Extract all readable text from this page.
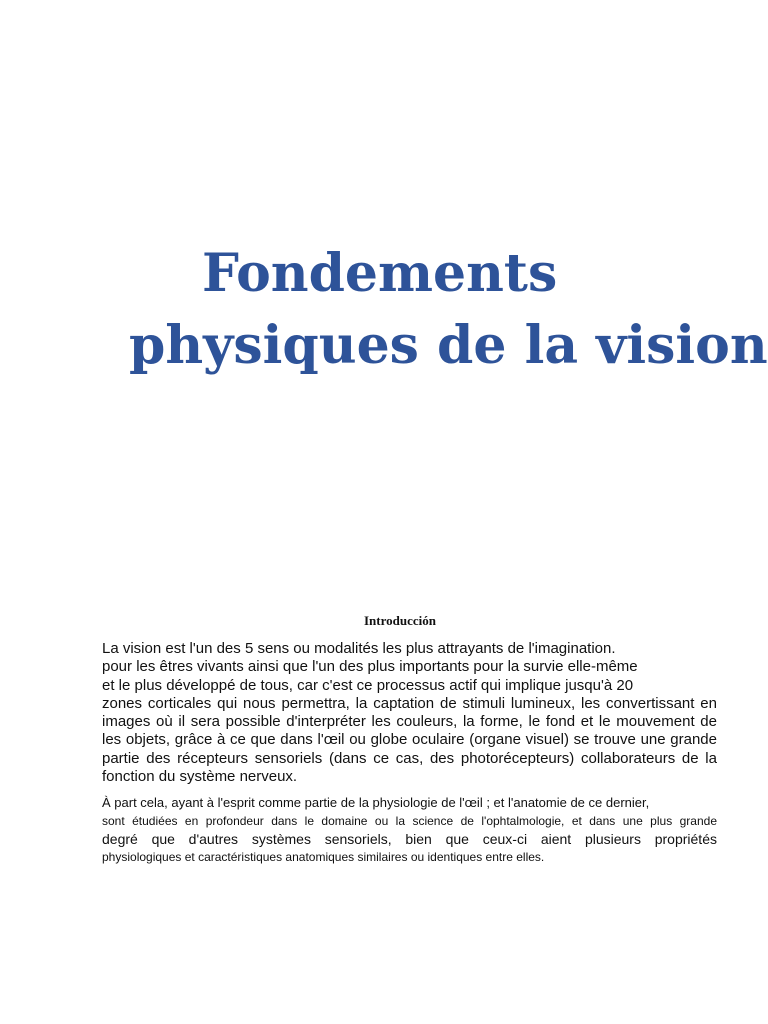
Fondements
physiques de la vision
Introducción

La vision est l'un des 5 sens ou modalités les plus attrayants de l'imagination.
pour les êtres vivants ainsi que l'un des plus importants pour la survie elle-même
et le plus développé de tous, car c'est ce processus actif qui implique jusqu'à 20
zones corticales qui nous permettra, la captation de stimuli lumineux, les convertissant en
images où il sera possible d'interpréter les couleurs, la forme, le fond et le mouvement de
les objets, grâce à ce que dans l'œil ou globe oculaire (organe visuel) se trouve une grande
partie des récepteurs sensoriels (dans ce cas, des photorécepteurs) collaborateurs de la
fonction du système nerveux.

À part cela, ayant à l'esprit comme partie de la physiologie de l'œil ; et l'anatomie de ce dernier,
sont étudiées en profondeur dans le domaine ou la science de l'ophtalmologie, et dans une plus grande
degré que d'autres systèmes sensoriels, bien que ceux-ci aient plusieurs propriétés
physiologiques et caractéristiques anatomiques similaires ou identiques entre elles.
